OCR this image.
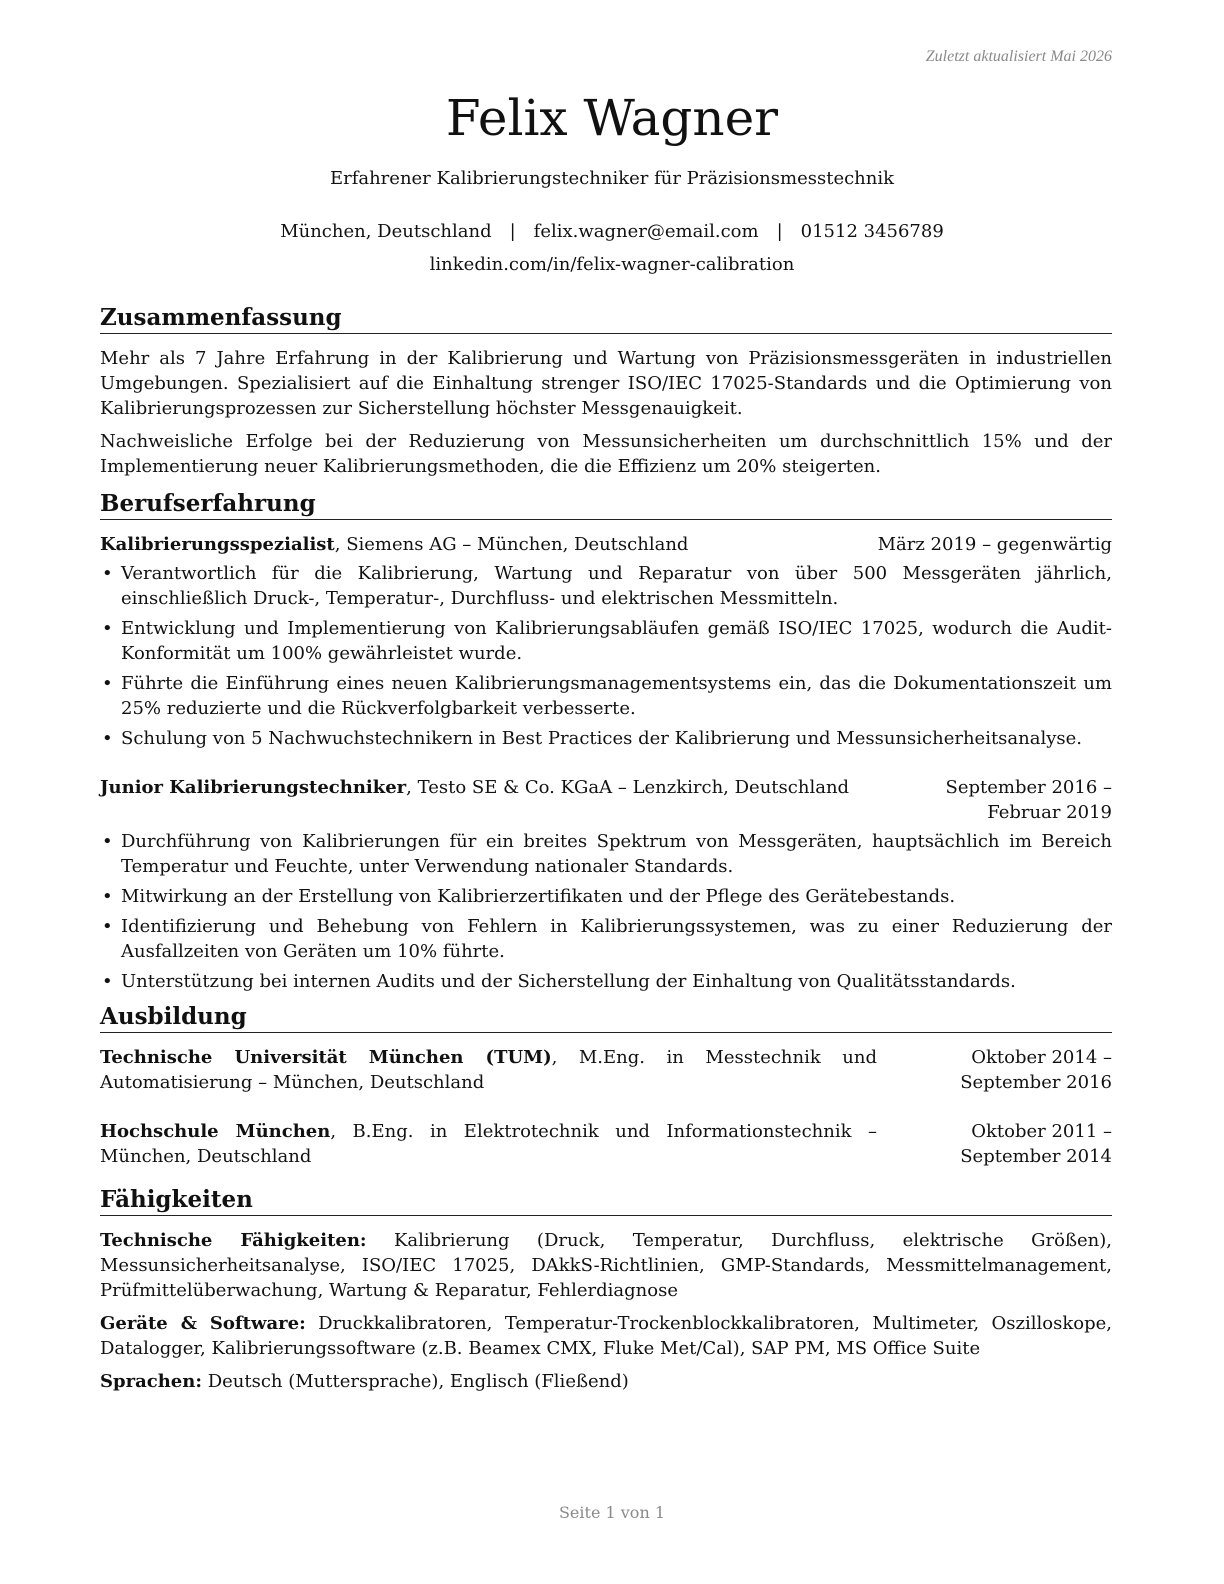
Zuletzt aktualisiert Mai 2026
Felix Wagner
Erfahrener Kalibrierungstechniker für Präzisionsmesstechnik
München, Deutschland | felix.wagner@email.com | 01512 3456789
linkedin.com/in/felix-wagner-calibration
Zusammenfassung

Mehr als 7 Jahre Erfahrung in der Kalibrierung und Wartung von Präzisionsmessgeräten in industriellen Umgebungen. Spezialisiert auf die Einhaltung strenger ISO/IEC 17025-Standards und die Optimierung von Kalibrierungsprozessen zur Sicherstellung höchster Messgenauigkeit.

Nachweisliche Erfolge bei der Reduzierung von Messunsicherheiten um durchschnittlich 15% und der Implementierung neuer Kalibrierungsmethoden, die die Effizienz um 20% steigerten.

Berufserfahrung
Kalibrierungsspezialist, Siemens AG – München, Deutschland	März 2019 – gegenwärtig
• Verantwortlich für die Kalibrierung, Wartung und Reparatur von über 500 Messgeräten jährlich, einschließlich Druck-, Temperatur-, Durchfluss- und elektrischen Messmitteln.
• Entwicklung und Implementierung von Kalibrierungsabläufen gemäß ISO/IEC 17025, wodurch die Audit-Konformität um 100% gewährleistet wurde.
• Führte die Einführung eines neuen Kalibrierungsmanagementsystems ein, das die Dokumentationszeit um 25% reduzierte und die Rückverfolgbarkeit verbesserte.
• Schulung von 5 Nachwuchstechnikern in Best Practices der Kalibrierung und Messunsicherheitsanalyse.
Junior Kalibrierungstechniker, Testo SE & Co. KGaA – Lenzkirch, Deutschland	September 2016 – Februar 2019
• Durchführung von Kalibrierungen für ein breites Spektrum von Messgeräten, hauptsächlich im Bereich Temperatur und Feuchte, unter Verwendung nationaler Standards.
• Mitwirkung an der Erstellung von Kalibrierzertifikaten und der Pflege des Gerätebestands.
• Identifizierung und Behebung von Fehlern in Kalibrierungssystemen, was zu einer Reduzierung der Ausfallzeiten von Geräten um 10% führte.
• Unterstützung bei internen Audits und der Sicherstellung der Einhaltung von Qualitätsstandards.
Ausbildung
Technische Universität München (TUM), M.Eng. in Messtechnik und Automatisierung – München, Deutschland
Oktober 2014 – September 2016
Hochschule München, B.Eng. in Elektrotechnik und Informationstechnik – München, Deutschland
Oktober 2011 – September 2014
Fähigkeiten

Technische Fähigkeiten: Kalibrierung (Druck, Temperatur, Durchfluss, elektrische Größen), Messunsicherheitsanalyse, ISO/IEC 17025, DAkkS-Richtlinien, GMP-Standards, Messmittelmanagement, Prüfmittelüberwachung, Wartung & Reparatur, Fehlerdiagnose

Geräte & Software: Druckkalibratoren, Temperatur-Trockenblockkalibratoren, Multimeter, Oszilloskope, Datalogger, Kalibrierungssoftware (z.B. Beamex CMX, Fluke Met/Cal), SAP PM, MS Office Suite

Sprachen: Deutsch (Muttersprache), Englisch (Fließend)

Seite 1 von 1
